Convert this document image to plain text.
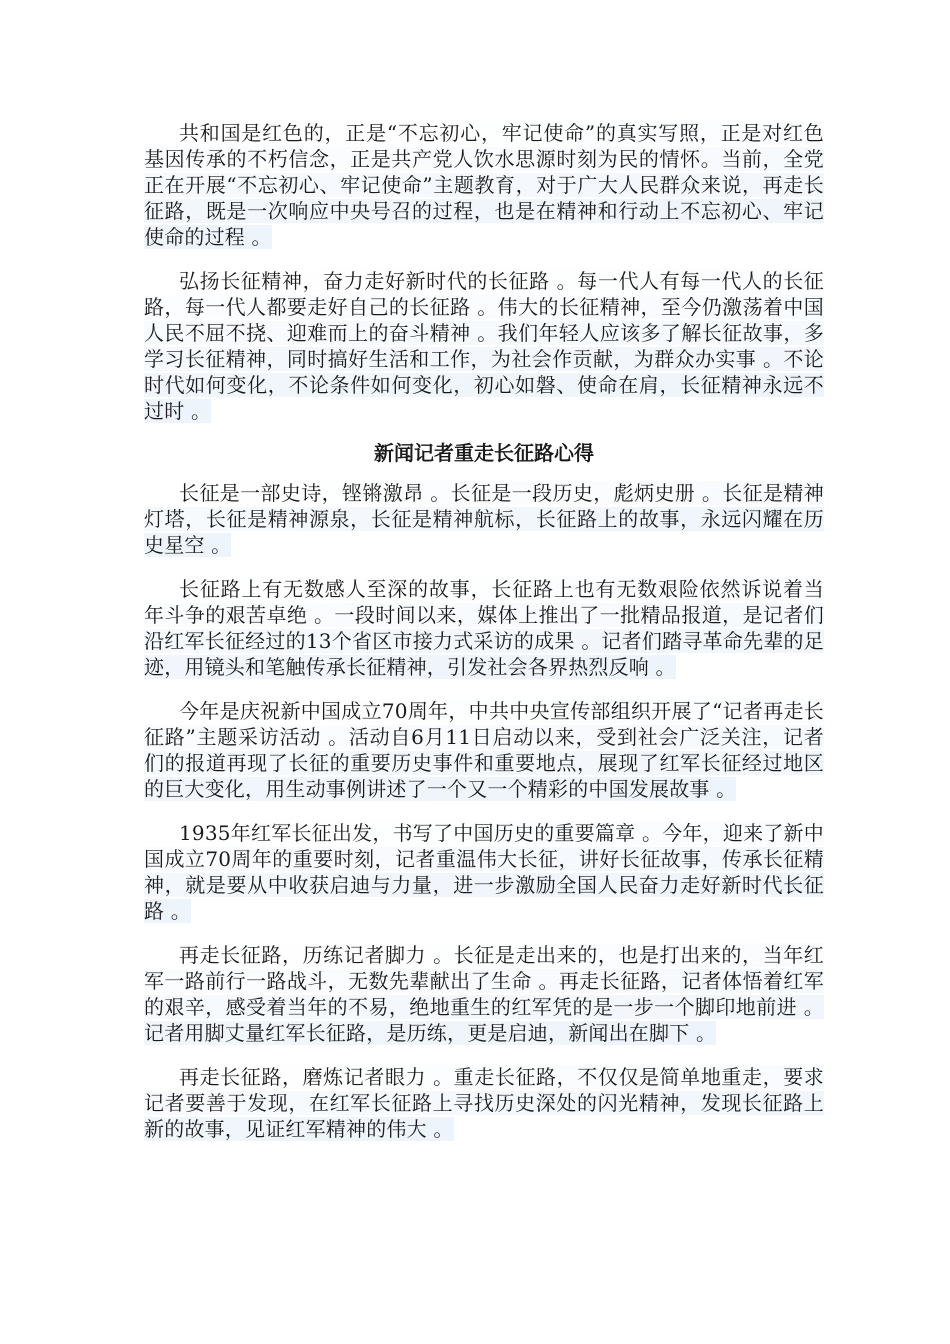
共和国是红色的，正是“不忘初心，牢记使命”的真实写照，正是对红色基因传承的不朽信念，正是共产党人饮水思源时刻为民的情怀。当前，全党正在开展“不忘初心、牢记使命”主题教育，对于广大人民群众来说，再走长征路，既是一次响应中央号召的过程，也是在精神和行动上不忘初心、牢记使命的过程 。

弘扬长征精神，奋力走好新时代的长征路 。每一代人有每一代人的长征路，每一代人都要走好自己的长征路 。伟大的长征精神，至今仍激荡着中国人民不屈不挠、迎难而上的奋斗精神 。我们年轻人应该多了解长征故事，多学习长征精神，同时搞好生活和工作，为社会作贡献，为群众办实事 。不论时代如何变化，不论条件如何变化，初心如磐、使命在肩，长征精神永远不过时 。

新闻记者重走长征路心得

长征是一部史诗，铿锵激昂 。长征是一段历史，彪炳史册 。长征是精神灯塔，长征是精神源泉，长征是精神航标，长征路上的故事，永远闪耀在历史星空 。

长征路上有无数感人至深的故事，长征路上也有无数艰险依然诉说着当年斗争的艰苦卓绝 。一段时间以来，媒体上推出了一批精品报道，是记者们沿红军长征经过的13个省区市接力式采访的成果 。记者们踏寻革命先辈的足迹，用镜头和笔触传承长征精神，引发社会各界热烈反响 。

今年是庆祝新中国成立70周年，中共中央宣传部组织开展了“记者再走长征路”主题采访活动 。活动自6月11日启动以来，受到社会广泛关注，记者们的报道再现了长征的重要历史事件和重要地点，展现了红军长征经过地区的巨大变化，用生动事例讲述了一个又一个精彩的中国发展故事 。

1935年红军长征出发，书写了中国历史的重要篇章 。今年，迎来了新中国成立70周年的重要时刻，记者重温伟大长征，讲好长征故事，传承长征精神，就是要从中收获启迪与力量，进一步激励全国人民奋力走好新时代长征路 。

再走长征路，历练记者脚力 。长征是走出来的，也是打出来的，当年红军一路前行一路战斗，无数先辈献出了生命 。再走长征路，记者体悟着红军的艰辛，感受着当年的不易，绝地重生的红军凭的是一步一个脚印地前进 。记者用脚丈量红军长征路，是历练，更是启迪，新闻出在脚下 。

再走长征路，磨炼记者眼力 。重走长征路，不仅仅是简单地重走，要求记者要善于发现，在红军长征路上寻找历史深处的闪光精神，发现长征路上新的故事，见证红军精神的伟大 。
